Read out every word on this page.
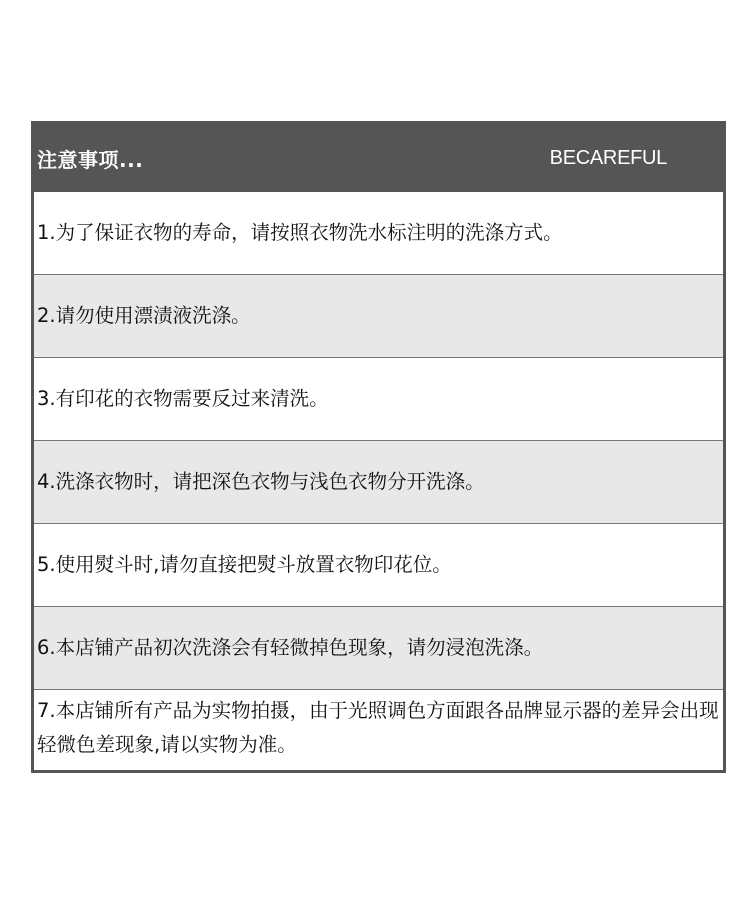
注意事项...	BECAREFUL
1.为了保证衣物的寿命，请按照衣物洗水标注明的洗涤方式。
2.请勿使用漂渍液洗涤。
3.有印花的衣物需要反过来清洗。
4.洗涤衣物时，请把深色衣物与浅色衣物分开洗涤。
5.使用熨斗时,请勿直接把熨斗放置衣物印花位。
6.本店铺产品初次洗涤会有轻微掉色现象，请勿浸泡洗涤。
7.本店铺所有产品为实物拍摄，由于光照调色方面跟各品牌显示器的差异会出现轻微色差现象,请以实物为准。
